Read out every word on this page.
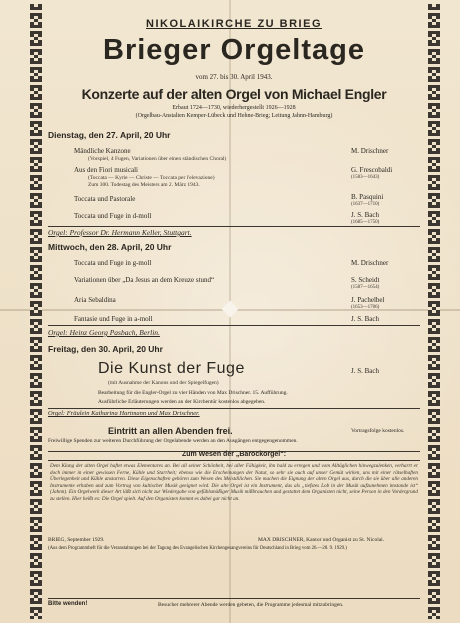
NIKOLAIKIRCHE ZU BRIEG
Brieger Orgeltage
vom 27. bis 30. April 1943.
Konzerte auf der alten Orgel von Michael Engler
Erbaut 1724—1730, wiederhergestellt 1926—1928
(Orgelbau-Anstalten Kemper-Lübeck und Hehne-Brieg; Leitung Jahnn-Hamburg)
Dienstag, den 27. April, 20 Uhr
Mändliche Kanzone	M. Drischner
(Vorspiel, 4 Fugen, Variationen über einen ständischen Choral)
Aus den Fiori musicali	G. Frescobaldi
(1583—1643)
(Toccata — Kyrie — Christe — Toccata per l'elevazione)
Zum 300. Todestag des Meisters am 2. März 1943.
Toccata und Pastorale	B. Pasquini
(1637—1710)
Toccata und Fuge in d-moll	J. S. Bach
(1685—1750)
Orgel: Professor Dr. Hermann Keller, Stuttgart.
Mittwoch, den 28. April, 20 Uhr
Toccata und Fuge in g-moll	M. Drischner
Variationen über „Da Jesus an dem Kreuze stund“	S. Scheidt
(1587—1654)
Aria Sebaldina	J. Pachelbel
(1653—1706)
Fantasie und Fuge in a-moll	J. S. Bach
Orgel: Heinz Georg Pasbach, Berlin.
Freitag, den 30. April, 20 Uhr
Die Kunst der Fuge	J. S. Bach
(mit Ausnahme der Kanons und der Spiegelfugen)
Bearbeitung für die Engler-Orgel zu vier Händen von Max Drischner. 15. Aufführung.
Ausführliche Erläuterungen werden an der Kirchentür kostenlos abgegeben.
Orgel: Fräulein Katharina Hartmann und Max Drischner.
Eintritt an allen Abenden frei.	Vortragsfolge kostenlos.
Freiwillige Spenden zur weiteren Durchführung der Orgelabende werden an den Ausgängen entgegengenommen.
Zum Wesen der „Barockorgel“:
Dem Klang der alten Orgel haftet etwas Elementares an. Bei all seiner Schönheit, bei aller Fähigkeit, ihn bald zu erregen und vom Alltäglichen hinwegzulenken, verharrt er doch immer in einer gewissen Ferne, Kühle und Starrheit; ebenso wie die Erscheinungen der Natur, so sehr sie auch auf unser Gemüt wirken, uns mit einer rätselhaften Überlegenheit und Kühle anstarren. Diese Eigenschaften gehören zum Wesen des Meistdilichen. Sie machen die Eignung der alten Orgel aus, durch die sie über alle anderen Instrumente erhaben und zum Vortrag von kultischer Musik geeignet wird. Die alte Orgel ist ein Instrument, das als „tiefstes Lob in der Musik aufzunehmen imstande ist“ (Jahnn). Ein Orgelwerk dieser Art läßt sich nicht zur Wiedergabe von gefühlsmäßiger Musik mißbrauchen und gestattet dem Organisten nicht, seine Person in den Vordergrund zu stellen. Hier heißt es: Die Orgel spielt. Auf den Organisten kommt es dabei gar nicht an.
BRIEG, September 1929.	MAX DRISCHNER, Kantor und Organist zu St. Nicolai.
(Aus dem Programmheft für die Veranstaltungen bei der Tagung des Evangelischen Kirchengesangvereins für Deutschland in Brieg vom 26.—28. 9. 1929.)
Bitte wenden!	Besucher mehrerer Abende werden gebeten, die Programme jedesmal mitzubringen.
